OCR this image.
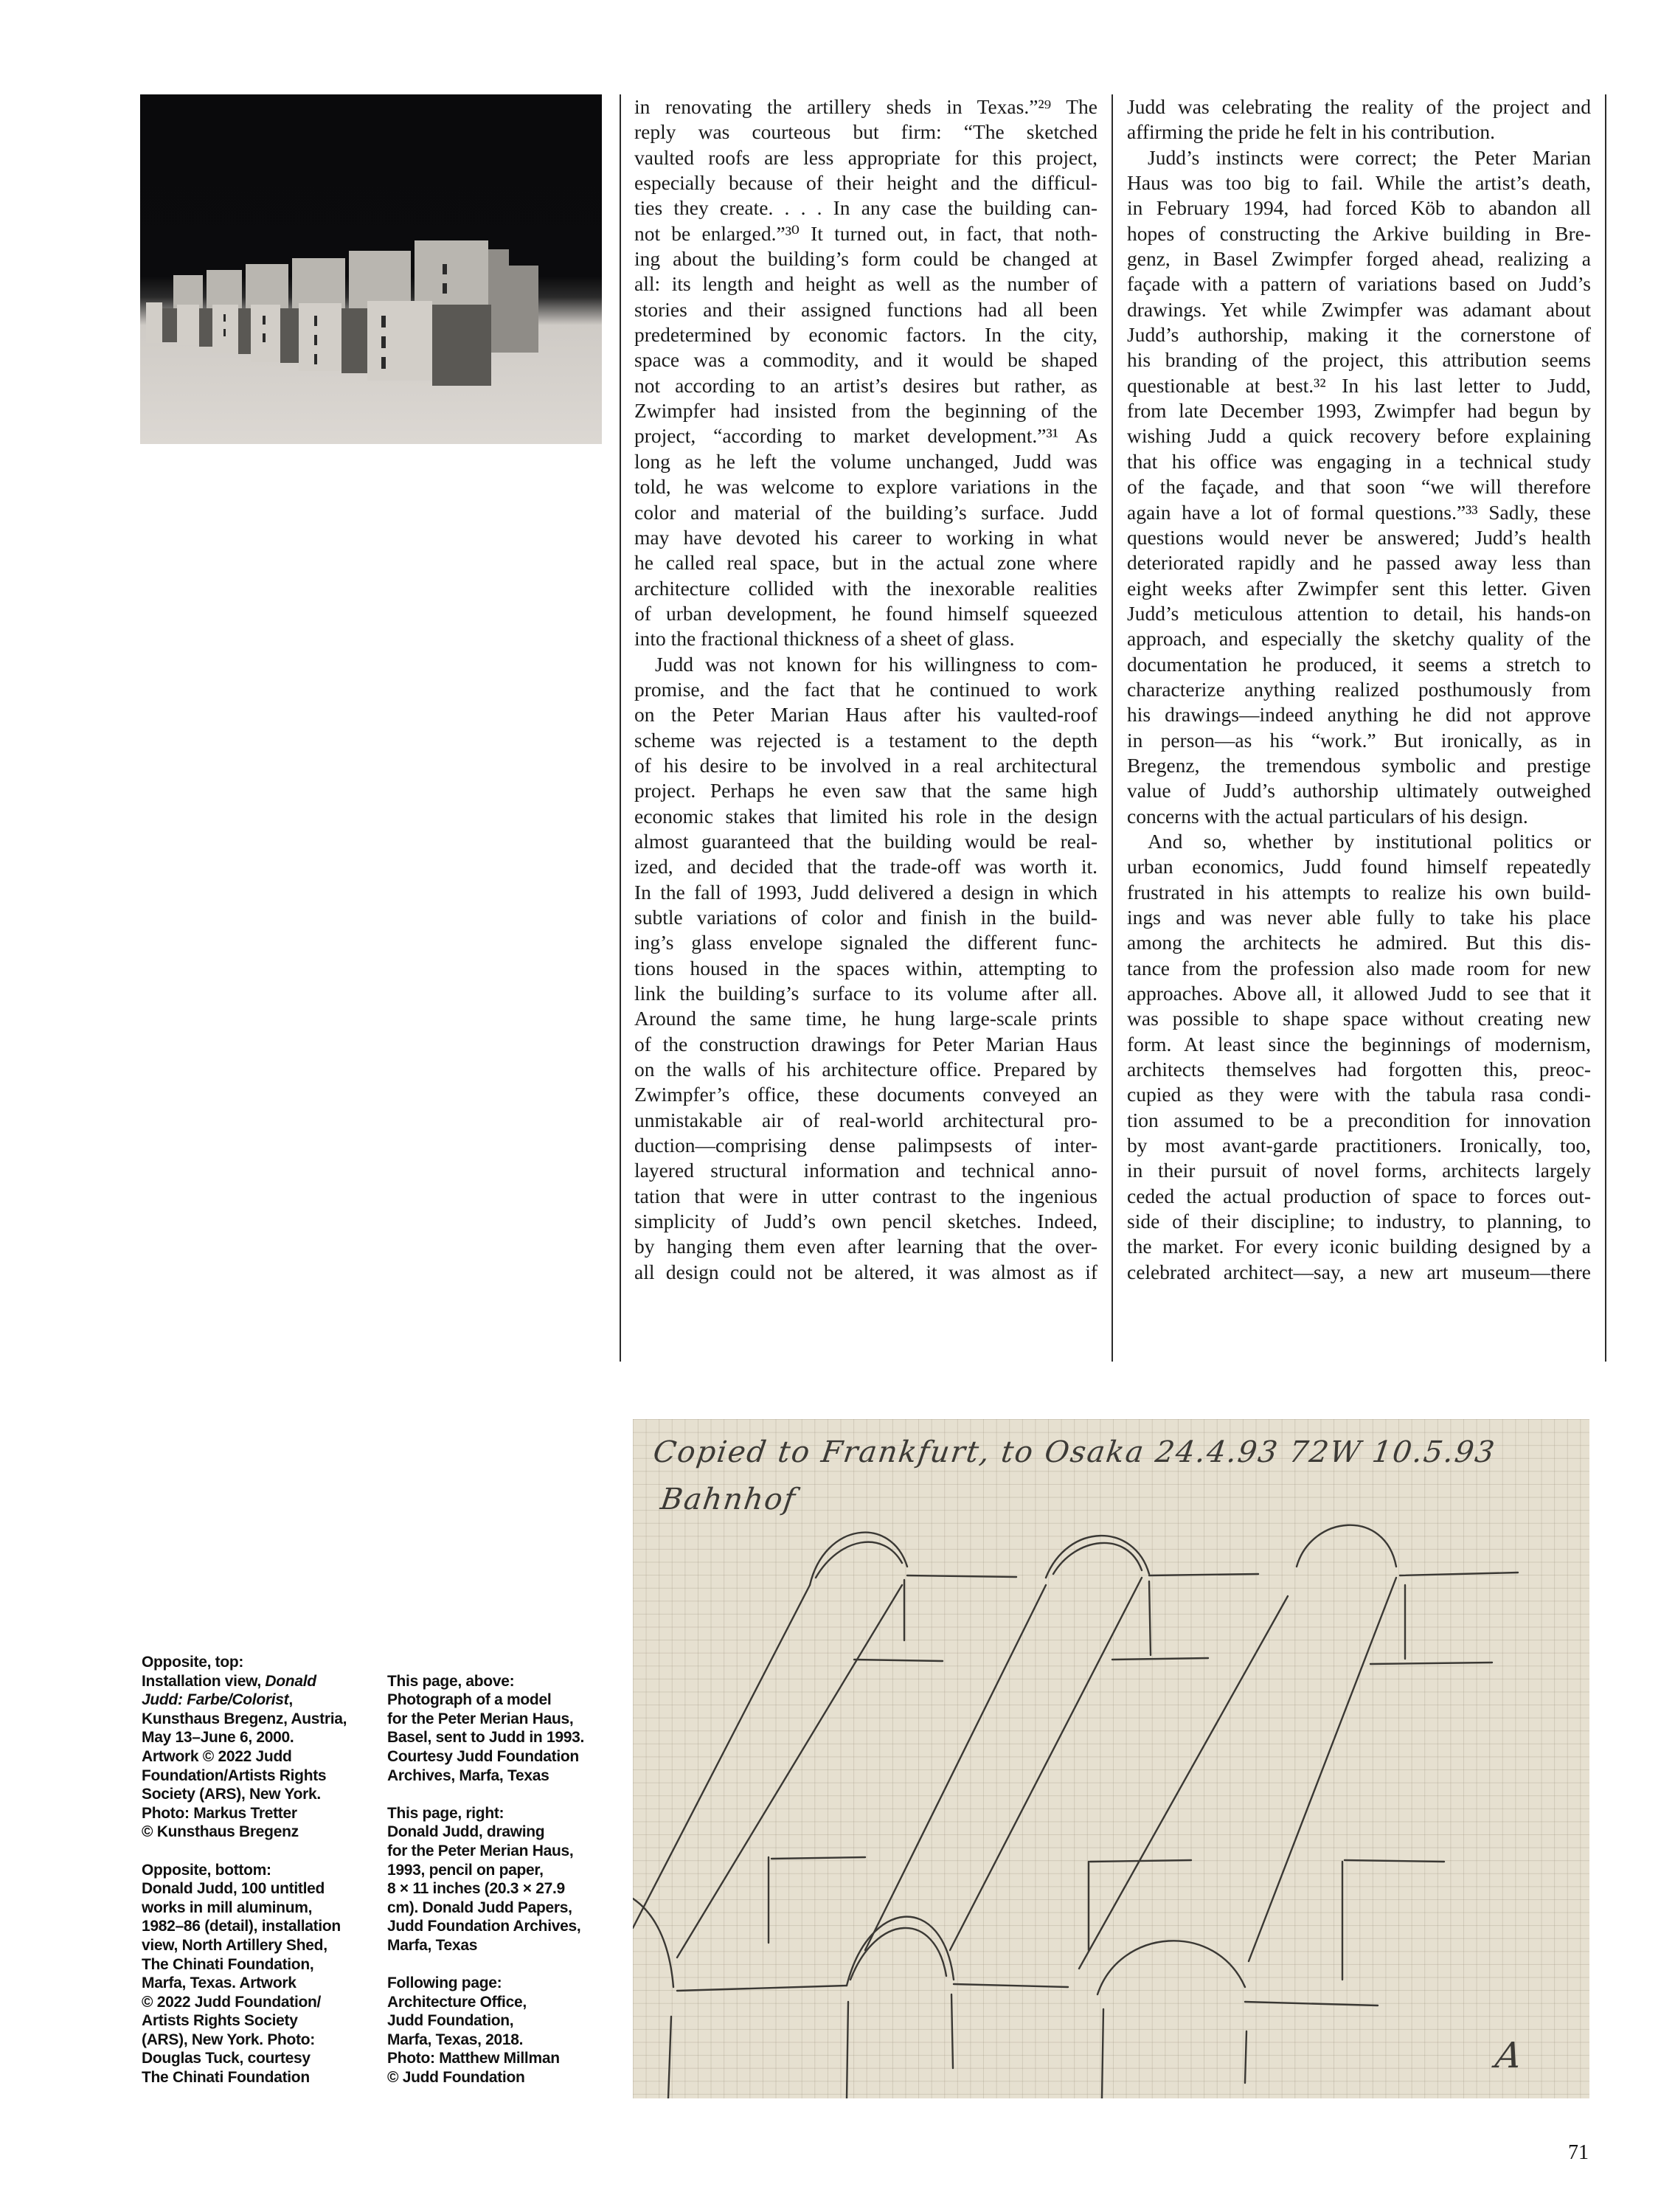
in renovating the artillery sheds in Texas.”²⁹ The
reply was courteous but firm: “The sketched
vaulted roofs are less appropriate for this project,
especially because of their height and the difficul-
ties they create. . . . In any case the building can-
not be enlarged.”³⁰ It turned out, in fact, that noth-
ing about the building’s form could be changed at
all: its length and height as well as the number of
stories and their assigned functions had all been
predetermined by economic factors. In the city,
space was a commodity, and it would be shaped
not according to an artist’s desires but rather, as
Zwimpfer had insisted from the beginning of the
project, “according to market development.”³¹ As
long as he left the volume unchanged, Judd was
told, he was welcome to explore variations in the
color and material of the building’s surface. Judd
may have devoted his career to working in what
he called real space, but in the actual zone where
architecture collided with the inexorable realities
of urban development, he found himself squeezed
into the fractional thickness of a sheet of glass.
Judd was not known for his willingness to com-
promise, and the fact that he continued to work
on the Peter Marian Haus after his vaulted-roof
scheme was rejected is a testament to the depth
of his desire to be involved in a real architectural
project. Perhaps he even saw that the same high
economic stakes that limited his role in the design
almost guaranteed that the building would be real-
ized, and decided that the trade-off was worth it.
In the fall of 1993, Judd delivered a design in which
subtle variations of color and finish in the build-
ing’s glass envelope signaled the different func-
tions housed in the spaces within, attempting to
link the building’s surface to its volume after all.
Around the same time, he hung large-scale prints
of the construction drawings for Peter Marian Haus
on the walls of his architecture office. Prepared by
Zwimpfer’s office, these documents conveyed an
unmistakable air of real-world architectural pro-
duction—comprising dense palimpsests of inter-
layered structural information and technical anno-
tation that were in utter contrast to the ingenious
simplicity of Judd’s own pencil sketches. Indeed,
by hanging them even after learning that the over-
all design could not be altered, it was almost as if
Judd was celebrating the reality of the project and
affirming the pride he felt in his contribution.
Judd’s instincts were correct; the Peter Marian
Haus was too big to fail. While the artist’s death,
in February 1994, had forced Köb to abandon all
hopes of constructing the Arkive building in Bre-
genz, in Basel Zwimpfer forged ahead, realizing a
façade with a pattern of variations based on Judd’s
drawings. Yet while Zwimpfer was adamant about
Judd’s authorship, making it the cornerstone of
his branding of the project, this attribution seems
questionable at best.³² In his last letter to Judd,
from late December 1993, Zwimpfer had begun by
wishing Judd a quick recovery before explaining
that his office was engaging in a technical study
of the façade, and that soon “we will therefore
again have a lot of formal questions.”³³ Sadly, these
questions would never be answered; Judd’s health
deteriorated rapidly and he passed away less than
eight weeks after Zwimpfer sent this letter. Given
Judd’s meticulous attention to detail, his hands-on
approach, and especially the sketchy quality of the
documentation he produced, it seems a stretch to
characterize anything realized posthumously from
his drawings—indeed anything he did not approve
in person—as his “work.” But ironically, as in
Bregenz, the tremendous symbolic and prestige
value of Judd’s authorship ultimately outweighed
concerns with the actual particulars of his design.
And so, whether by institutional politics or
urban economics, Judd found himself repeatedly
frustrated in his attempts to realize his own build-
ings and was never able fully to take his place
among the architects he admired. But this dis-
tance from the profession also made room for new
approaches. Above all, it allowed Judd to see that it
was possible to shape space without creating new
form. At least since the beginnings of modernism,
architects themselves had forgotten this, preoc-
cupied as they were with the tabula rasa condi-
tion assumed to be a precondition for innovation
by most avant-garde practitioners. Ironically, too,
in their pursuit of novel forms, architects largely
ceded the actual production of space to forces out-
side of their discipline; to industry, to planning, to
the market. For every iconic building designed by a
celebrated architect—say, a new art museum—there
Copied to Frankfurt, to Osaka 24.4.93 72W 10.5.93
Bahnhof
A
Opposite, top:
Installation view, Donald
Judd: Farbe/Colorist,
Kunsthaus Bregenz, Austria,
May 13–June 6, 2000.
Artwork © 2022 Judd
Foundation/Artists Rights
Society (ARS), New York.
Photo: Markus Tretter
© Kunsthaus Bregenz
Opposite, bottom:
Donald Judd, 100 untitled
works in mill aluminum,
1982–86 (detail), installation
view, North Artillery Shed,
The Chinati Foundation,
Marfa, Texas. Artwork
© 2022 Judd Foundation/
Artists Rights Society
(ARS), New York. Photo:
Douglas Tuck, courtesy
The Chinati Foundation
This page, above:
Photograph of a model
for the Peter Merian Haus,
Basel, sent to Judd in 1993.
Courtesy Judd Foundation
Archives, Marfa, Texas
This page, right:
Donald Judd, drawing
for the Peter Merian Haus,
1993, pencil on paper,
8 × 11 inches (20.3 × 27.9
cm). Donald Judd Papers,
Judd Foundation Archives,
Marfa, Texas
Following page:
Architecture Office,
Judd Foundation,
Marfa, Texas, 2018.
Photo: Matthew Millman
© Judd Foundation
71
